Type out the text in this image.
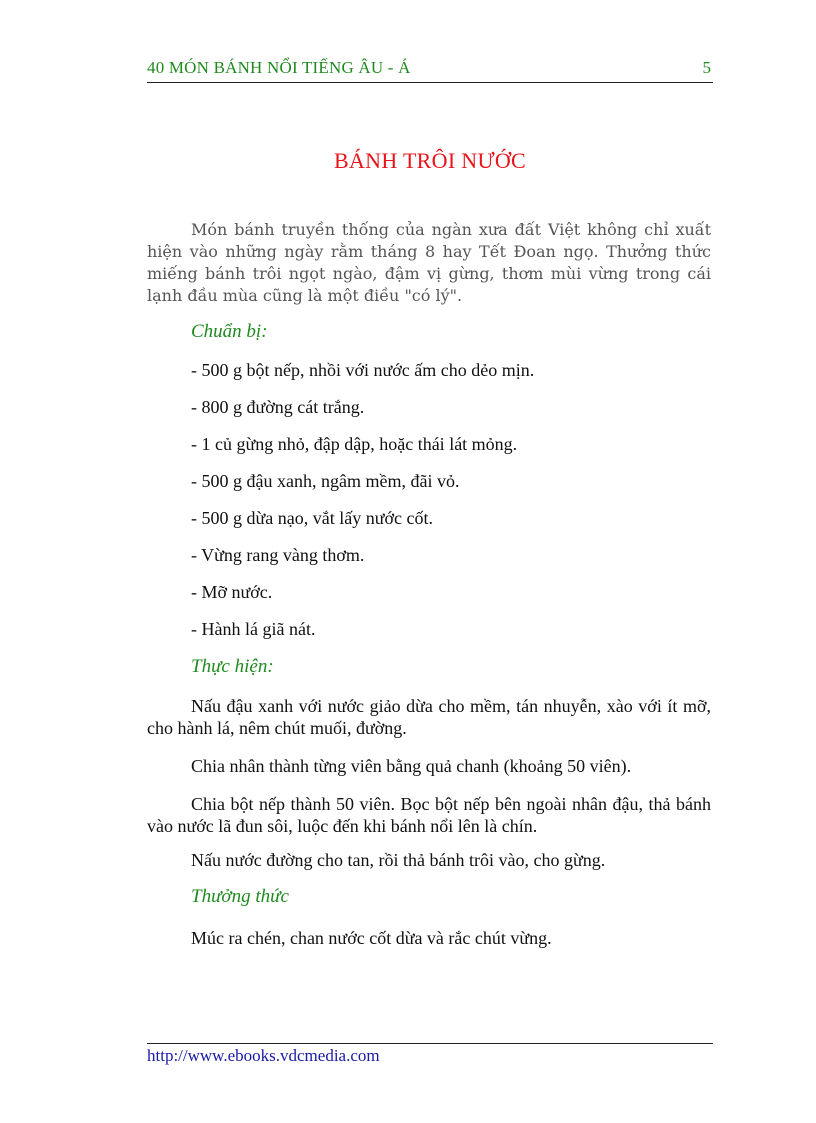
40 MÓN BÁNH NỔI TIẾNG ÂU - Á	5
BÁNH TRÔI NƯỚC
Món bánh truyền thống của ngàn xưa đất Việt không chỉ xuất hiện vào những ngày rằm tháng 8 hay Tết Đoan ngọ. Thưởng thức miếng bánh trôi ngọt ngào, đậm vị gừng, thơm mùi vừng trong cái lạnh đầu mùa cũng là một điều "có lý".
Chuẩn bị:
- 500 g bột nếp, nhồi với nước ấm cho dẻo mịn.
- 800 g đường cát trắng.
- 1 củ gừng nhỏ, đập dập, hoặc thái lát mỏng.
- 500 g đậu xanh, ngâm mềm, đãi vỏ.
- 500 g dừa nạo, vắt lấy nước cốt.
- Vừng rang vàng thơm.
- Mỡ nước.
- Hành lá giã nát.
Thực hiện:
Nấu đậu xanh với nước giảo dừa cho mềm, tán nhuyễn, xào với ít mỡ, cho hành lá, nêm chút muối, đường.
Chia nhân thành từng viên bằng quả chanh (khoảng 50 viên).
Chia bột nếp thành 50 viên. Bọc bột nếp bên ngoài nhân đậu, thả bánh vào nước lã đun sôi, luộc đến khi bánh nổi lên là chín.
Nấu nước đường cho tan, rồi thả bánh trôi vào, cho gừng.
Thưởng thức
Múc ra chén, chan nước cốt dừa và rắc chút vừng.
http://www.ebooks.vdcmedia.com
